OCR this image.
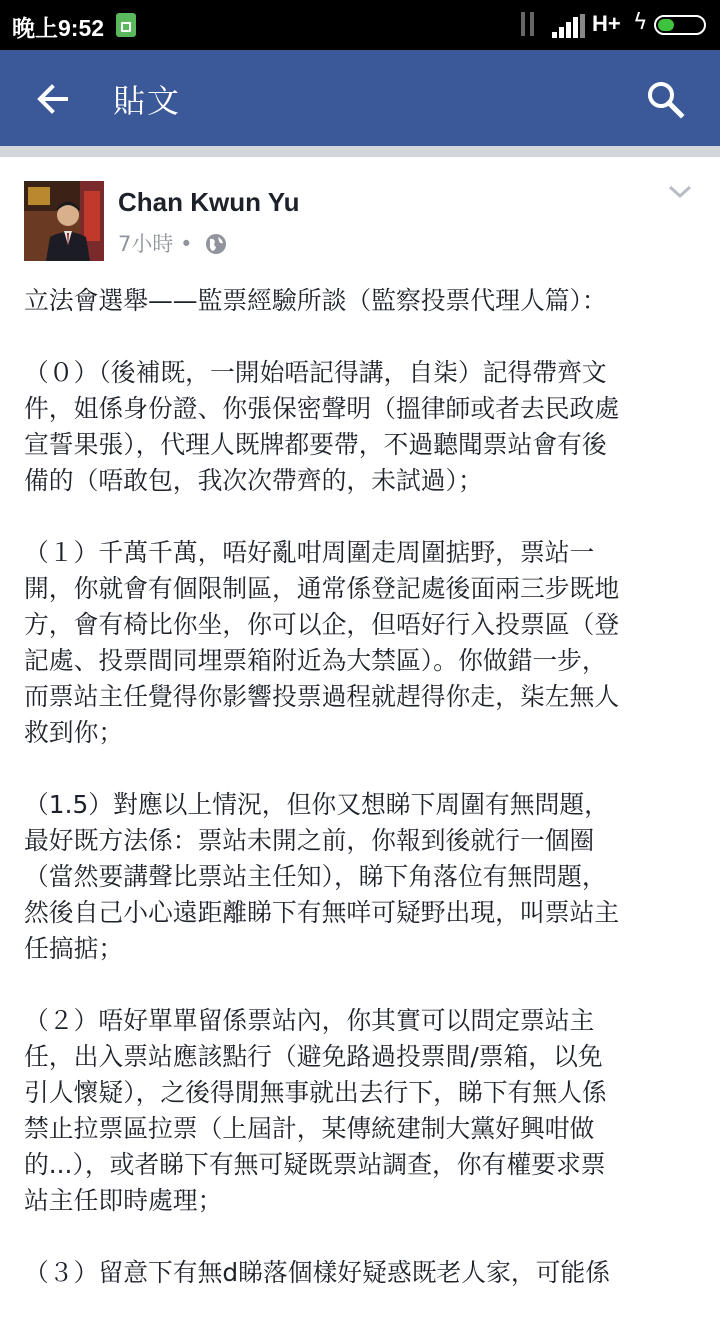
晚上9:52	H+ ϟ
貼文
Chan Kwun Yu
7小時 •

立法會選舉——監票經驗所談（監察投票代理人篇）：

（０）（後補既，一開始唔記得講，自柒）記得帶齊文
件，姐係身份證、你張保密聲明（搵律師或者去民政處
宣誓果張），代理人既牌都要帶，不過聽聞票站會有後
備的（唔敢包，我次次帶齊的，未試過）；

（１）千萬千萬，唔好亂咁周圍走周圍掂野，票站一
開，你就會有個限制區，通常係登記處後面兩三步既地
方，會有椅比你坐，你可以企，但唔好行入投票區（登
記處、投票間同埋票箱附近為大禁區）。你做錯一步，
而票站主任覺得你影響投票過程就趕得你走，柒左無人
救到你；

（1.5）對應以上情況，但你又想睇下周圍有無問題，
最好既方法係：票站未開之前，你報到後就行一個圈
（當然要講聲比票站主任知），睇下角落位有無問題，
然後自己小心遠距離睇下有無咩可疑野出現，叫票站主
任搞掂；

（２）唔好單單留係票站內，你其實可以問定票站主
任，出入票站應該點行（避免路過投票間/票箱，以免
引人懷疑），之後得閒無事就出去行下，睇下有無人係
禁止拉票區拉票（上屆計，某傳統建制大黨好興咁做
的...），或者睇下有無可疑既票站調查，你有權要求票
站主任即時處理；

（３）留意下有無d睇落個樣好疑惑既老人家，可能係
